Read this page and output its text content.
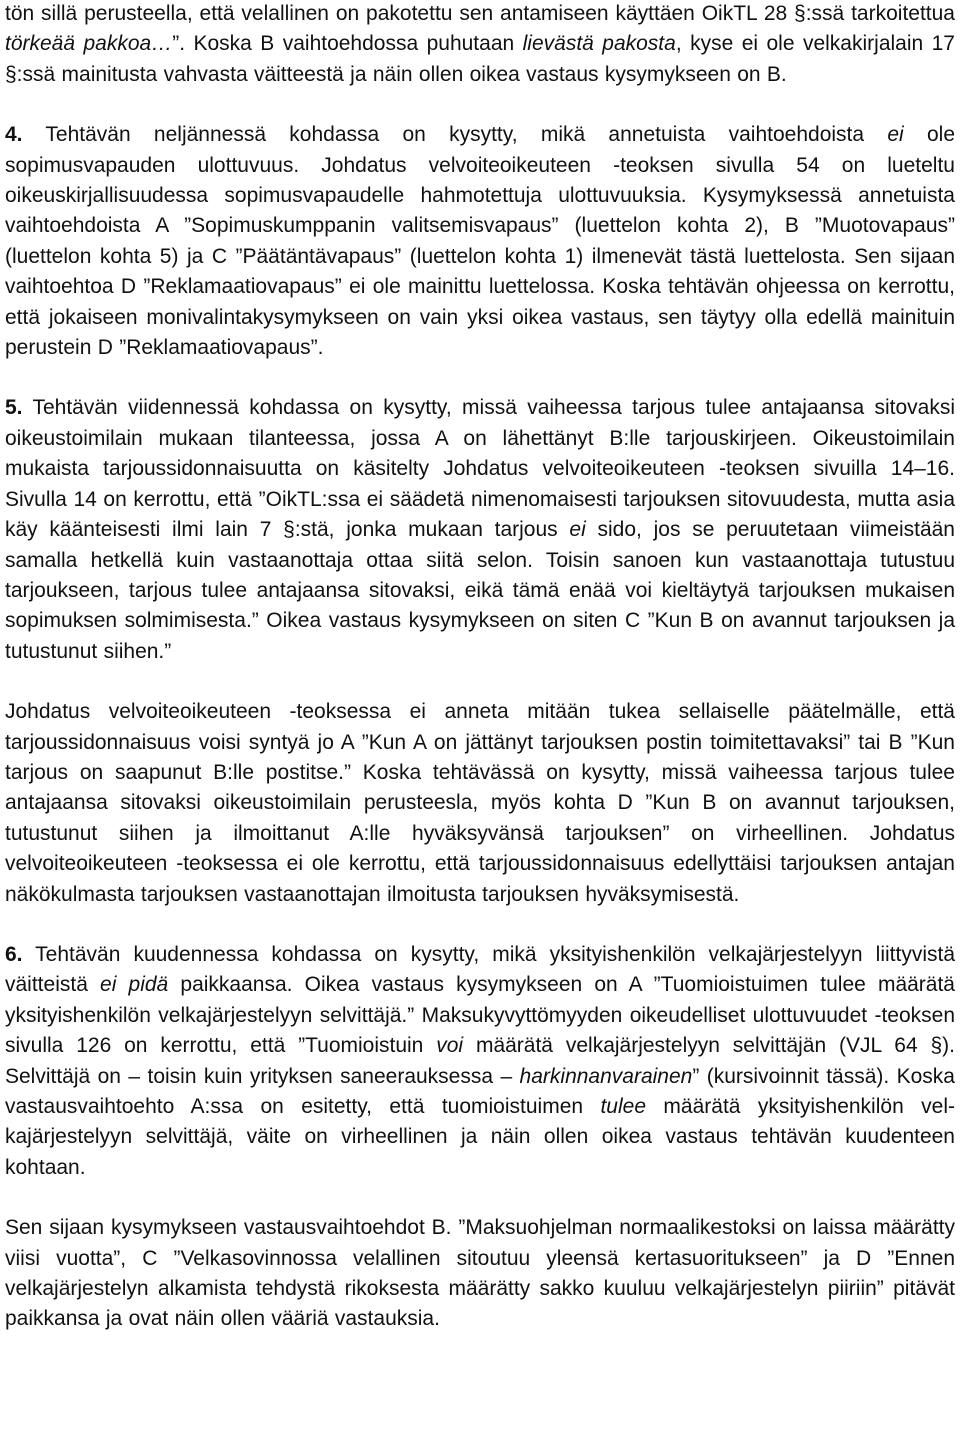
tön sillä perusteella, että velallinen on pakotettu sen antamiseen käyttäen OikTL 28 §:ssä tarkoitettua törkeää pakkoa…”. Koska B vaihtoehdossa puhutaan lievästä pakosta, kyse ei ole velkakirjalain 17 §:ssä mainitusta vahvasta väitteestä ja näin ollen oikea vastaus kysymykseen on B.

4. Tehtävän neljännessä kohdassa on kysytty, mikä annetuista vaihtoehdoista ei ole sopimusvapauden ulottuvuus. Johdatus velvoiteoikeuteen -teoksen sivulla 54 on lueteltu oikeuskirjallisuudessa sopimusvapaudelle hahmotettuja ulottuvuuksia. Kysymyksessä annetuista vaihtoehdoista A ”Sopimuskumppanin valitsemisvapaus” (luettelon kohta 2), B ”Muotovapaus” (luettelon kohta 5) ja C ”Päätäntävapaus” (luettelon kohta 1) ilmenevät tästä luettelosta. Sen sijaan vaihtoehtoa D ”Reklamaatiovapaus” ei ole mainittu luettelossa. Koska tehtävän ohjeessa on kerrottu, että jokaiseen monivalintakysymykseen on vain yksi oikea vastaus, sen täytyy olla edellä mainituin perustein D ”Reklamaatiovapaus”.

5. Tehtävän viidennessä kohdassa on kysytty, missä vaiheessa tarjous tulee antajaansa sitovaksi oikeustoimilain mukaan tilanteessa, jossa A on lähettänyt B:lle tarjouskirjeen. Oikeustoimilain mukaista tarjoussidonnaisuutta on käsitelty Johdatus velvoiteoikeuteen -teoksen sivuilla 14–16. Sivulla 14 on kerrottu, että ”OikTL:ssa ei säädetä nimenomaisesti tarjouksen sitovuudesta, mutta asia käy käänteisesti ilmi lain 7 §:stä, jonka mukaan tarjous ei sido, jos se peruutetaan viimeistään samalla hetkellä kuin vastaanottaja ottaa siitä selon. Toisin sanoen kun vastaanottaja tutustuu tarjoukseen, tarjous tulee antajaansa sitovaksi, eikä tämä enää voi kieltäytyä tarjouksen mukaisen sopimuksen solmimisesta.” Oikea vastaus kysymykseen on siten C ”Kun B on avannut tarjouksen ja tutustunut siihen.”

Johdatus velvoiteoikeuteen -teoksessa ei anneta mitään tukea sellaiselle päätelmälle, että tarjoussidonnaisuus voisi syntyä jo A ”Kun A on jättänyt tarjouksen postin toimitettavaksi” tai B ”Kun tarjous on saapunut B:lle postitse.” Koska tehtävässä on kysytty, missä vaiheessa tarjous tulee antajaansa sitovaksi oikeustoimilain perusteesla, myös kohta D ”Kun B on avannut tarjouksen, tutustunut siihen ja ilmoittanut A:lle hyväksyvänsä tarjouksen” on virheellinen. Johdatus velvoiteoikeuteen -teoksessa ei ole kerrottu, että tarjoussidonnaisuus edellyttäisi tarjouksen antajan näkökulmasta tarjouksen vastaanottajan ilmoitusta tarjouksen hyväksymisestä.

6. Tehtävän kuudennessa kohdassa on kysytty, mikä yksityishenkilön velkajärjestelyyn liittyvistä väitteistä ei pidä paikkaansa. Oikea vastaus kysymykseen on A ”Tuomioistuimen tulee määrätä yksityishenkilön velkajärjestelyyn selvittäjä.” Maksukyvyttömyyden oikeudelliset ulottuvuudet -teoksen sivulla 126 on kerrottu, että ”Tuomioistuin voi määrätä velkajärjestelyyn selvittäjän (VJL 64 §). Selvittäjä on – toisin kuin yrityksen saneerauksessa – harkinnanvarainen” (kursivoinnit tässä). Koska vastausvaihtoehto A:ssa on esitetty, että tuomioistuimen tulee määrätä yksityishenkilön velkajärjestelyyn selvittäjä, väite on virheellinen ja näin ollen oikea vastaus tehtävän kuudenteen kohtaan.

Sen sijaan kysymykseen vastausvaihtoehdot B. ”Maksuohjelman normaalikestoksi on laissa määrätty viisi vuotta”, C ”Velkasovinnossa velallinen sitoutuu yleensä kertasuoritukseen” ja D ”Ennen velkajärjestelyn alkamista tehdystä rikoksesta määrätty sakko kuuluu velkajärjestelyn piiriin” pitävät paikkansa ja ovat näin ollen vääriä vastauksia.
